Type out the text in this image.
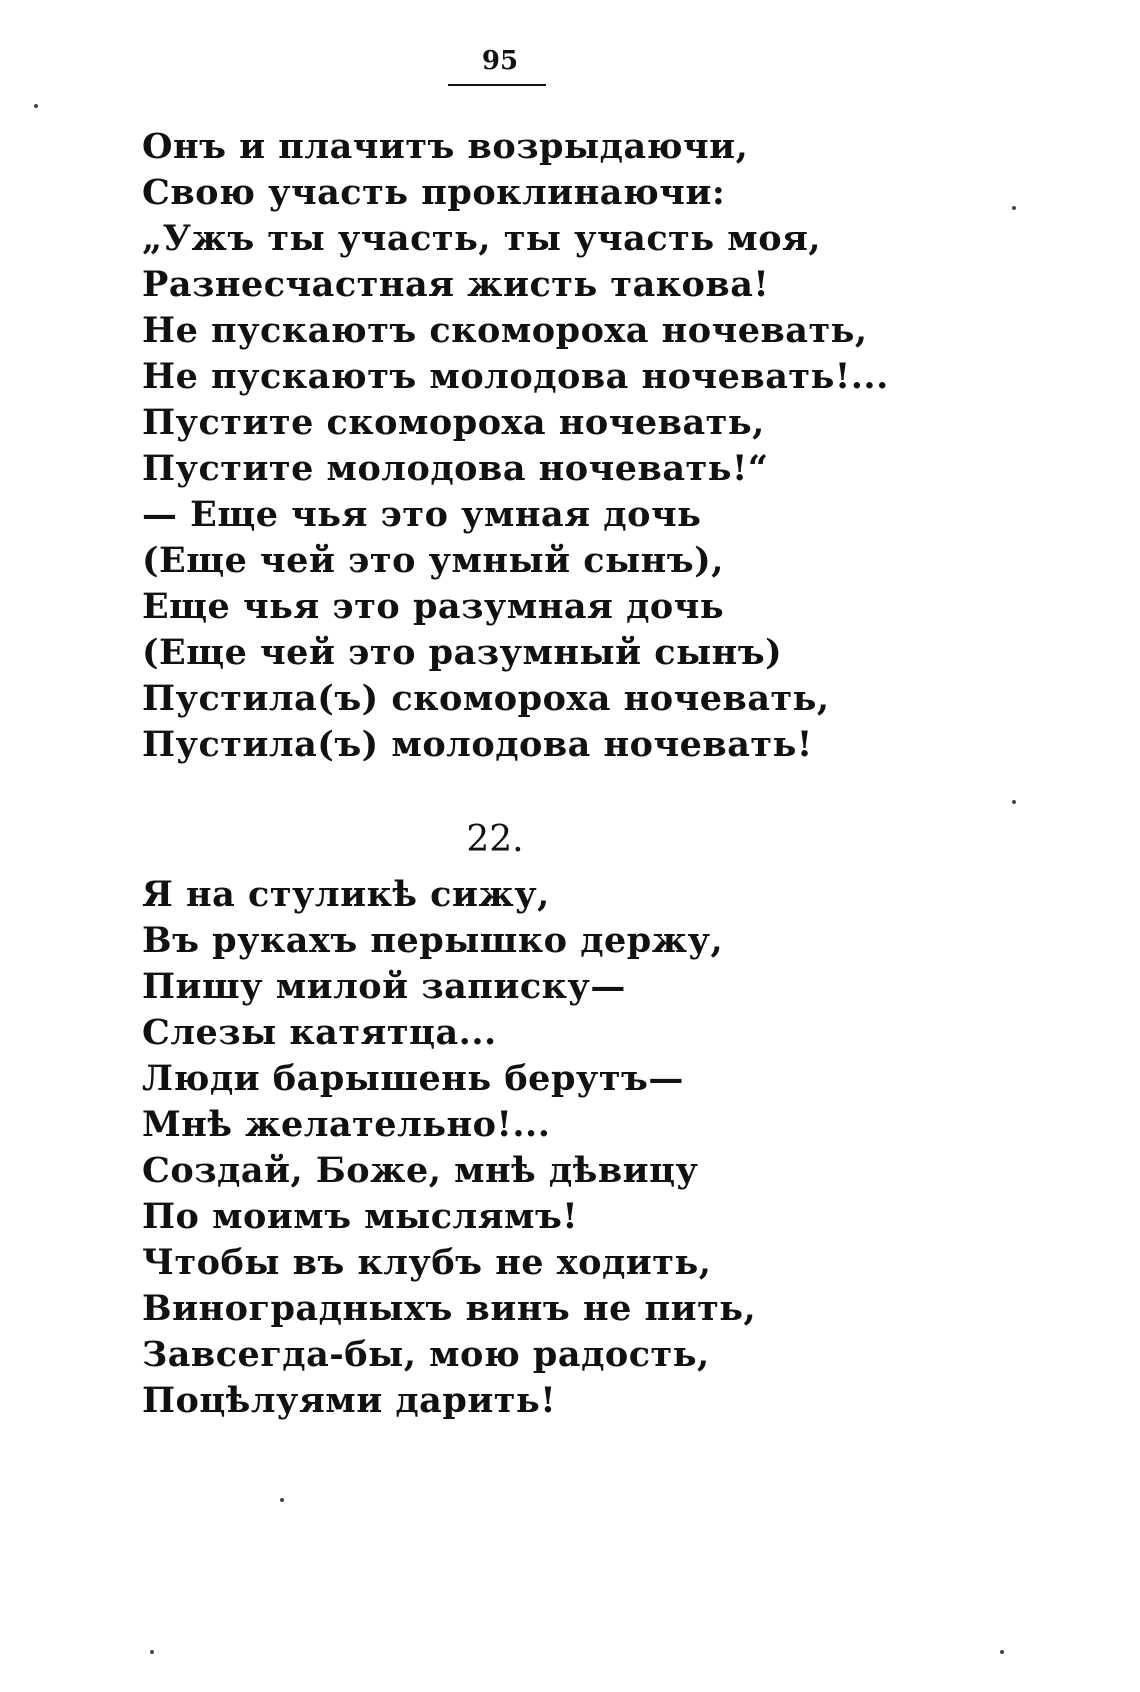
95
Онъ и плачитъ возрыдаючи,
Свою участь проклинаючи:
„Ужъ ты участь, ты участь моя,
Разнесчастная жисть такова!
Не пускаютъ скомороха ночевать,
Не пускаютъ молодова ночевать!...
Пустите скомороха ночевать,
Пустите молодова ночевать!“
— Еще чья это умная дочь
(Еще чей это умный сынъ),
Еще чья это разумная дочь
(Еще чей это разумный сынъ)
Пустила(ъ) скомороха ночевать,
Пустила(ъ) молодова ночевать!
22.
Я на стуликѣ сижу,
Въ рукахъ перышко держу,
Пишу милой записку—
Слезы катятца...
Люди барышень берутъ—
Мнѣ желательно!...
Создай, Боже, мнѣ дѣвицу
По моимъ мыслямъ!
Чтобы въ клубъ не ходить,
Виноградныхъ винъ не пить,
Завсегда-бы, мою радость,
Поцѣлуями дарить!
